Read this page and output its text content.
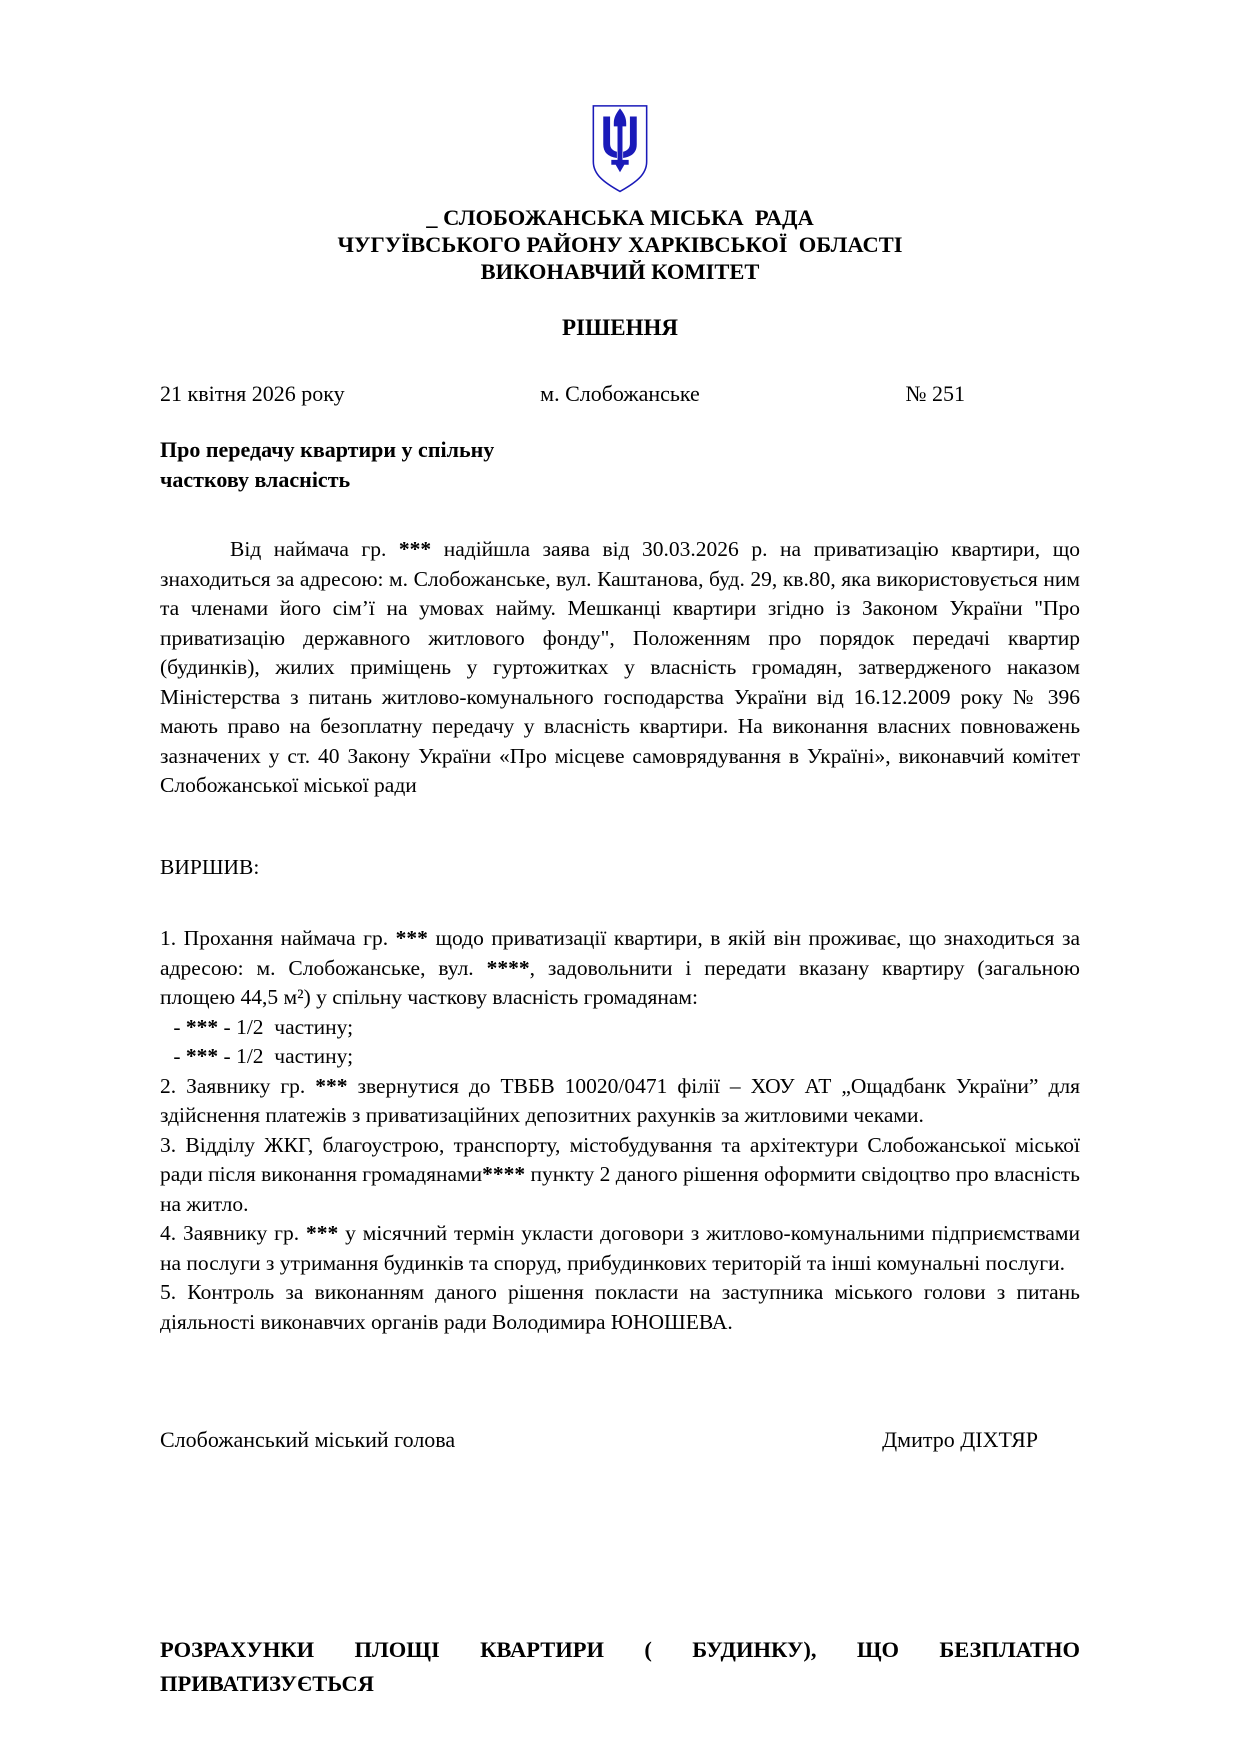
_ СЛОБОЖАНСЬКА МІСЬКА  РАДА
ЧУГУЇВСЬКОГО РАЙОНУ ХАРКІВСЬКОЇ  ОБЛАСТІ
ВИКОНАВЧИЙ КОМІТЕТ
РІШЕННЯ
21 квітня 2026 року	м. Слобожанське	№ 251
Про передачу квартири у спільну
часткову власність

Від наймача гр. *** надійшла заява від 30.03.2026 р. на приватизацію квартири, що знаходиться за адресою: м. Слобожанське, вул. Каштанова, буд. 29, кв.80, яка використовується ним та членами його сім’ї на умовах найму. Мешканці квартири згідно із Законом України "Про приватизацію державного житлового фонду", Положенням про порядок передачі квартир (будинків), жилих приміщень у гуртожитках у власність громадян, затвердженого наказом Міністерства з питань житлово-комунального господарства України від 16.12.2009 року № 396 мають право на безоплатну передачу у власність квартири. На виконання власних повноважень зазначених у ст. 40 Закону України «Про місцеве самоврядування в Україні», виконавчий комітет Слобожанської міської ради

ВИРШИВ:

1. Прохання наймача гр. *** щодо приватизації квартири, в якій він проживає, що знаходиться за адресою: м. Слобожанське, вул. ****, задовольнити і передати вказану квартиру (загальною площею 44,5 м²) у спільну часткову власність громадянам:

- *** - 1/2  частину;

- *** - 1/2  частину;

2. Заявнику гр. *** звернутися до ТВБВ 10020/0471 філії – ХОУ АТ „Ощадбанк України” для здійснення платежів з приватизаційних депозитних рахунків за житловими чеками.

3. Відділу ЖКГ, благоустрою, транспорту, містобудування та архітектури Слобожанської міської ради після виконання громадянами**** пункту 2 даного рішення оформити свідоцтво про власність на житло.

4. Заявнику гр. *** у місячний термін укласти договори з житлово-комунальними підприємствами на послуги з утримання будинків та споруд, прибудинкових територій та інші комунальні послуги.

5. Контроль за виконанням даного рішення покласти на заступника міського голови з питань діяльності виконавчих органів ради Володимира ЮНОШЕВА.

Слобожанський міський голова	Дмитро ДІХТЯР
РОЗРАХУНКИ ПЛОЩІ КВАРТИРИ ( БУДИНКУ), ЩО БЕЗПЛАТНО
ПРИВАТИЗУЄТЬСЯ
